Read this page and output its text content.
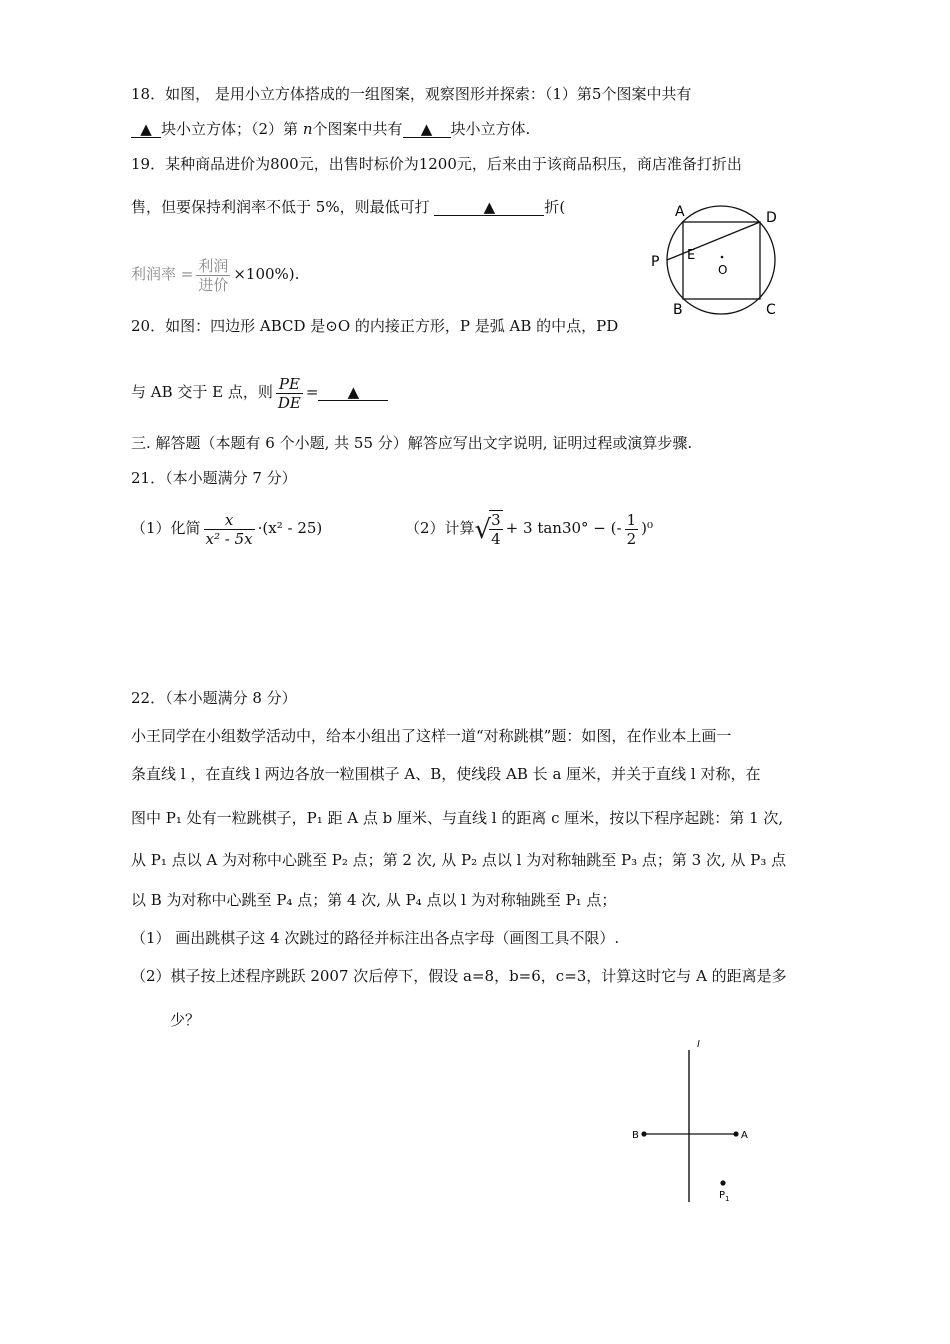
18．如图， 是用小立方体搭成的一组图案，观察图形并探索：（1）第5个图案中共有
▲ 块小立方体；（2）第 n个图案中共有 ▲ 块小立方体.
19．某种商品进价为800元，出售时标价为1200元，后来由于该商品积压，商店准备打折出
售，但要保持利润率不低于 5%，则最低可打	▲	折(
利润率 = $\frac{\text{利润}}{\text{进价}} \times 100\%$).
A	D
P E
O
B	C
20．如图：四边形 ABCD 是⊙O 的内接正方形，P 是弧 AB 的中点，PD
与 AB 交于 E 点，则 $\frac{PE}{DE}$ = ▲
三. 解答题（本题有 6 个小题, 共 55 分）解答应写出文字说明, 证明过程或演算步骤.
21．（本小题满分 7 分）
（1）化简 $\frac{x}{\text{x² - 5x}} \cdot(x^2 - 25)$	（2）计算√
$\frac{3}{4} + 3$ tan30° − (- $\frac{1}{2} )^0$
22．（本小题满分 8 分）
小王同学在小组数学活动中，给本小组出了这样一道“对称跳棋”题：如图，在作业本上画一
条直线 l ，在直线 l 两边各放一粒围棋子 A、B，使线段 AB 长 a 厘米，并关于直线 l 对称，在
图中 P₁ 处有一粒跳棋子，P₁ 距 A 点 b 厘米、与直线 l 的距离 c 厘米，按以下程序起跳：第 1 次,
从 P₁ 点以 A 为对称中心跳至 P₂ 点；第 2 次, 从 P₂ 点以 l 为对称轴跳至 P₃ 点；第 3 次, 从 P₃ 点
以 B 为对称中心跳至 P₄ 点；第 4 次, 从 P₄ 点以 l 为对称轴跳至 P₁ 点；
（1） 画出跳棋子这 4 次跳过的路径并标注出各点字母（画图工具不限）.
（2）棋子按上述程序跳跃 2007 次后停下，假设 a=8，b=6，c=3，计算这时它与 A 的距离是多
少？
l
B	A
$P_1$
